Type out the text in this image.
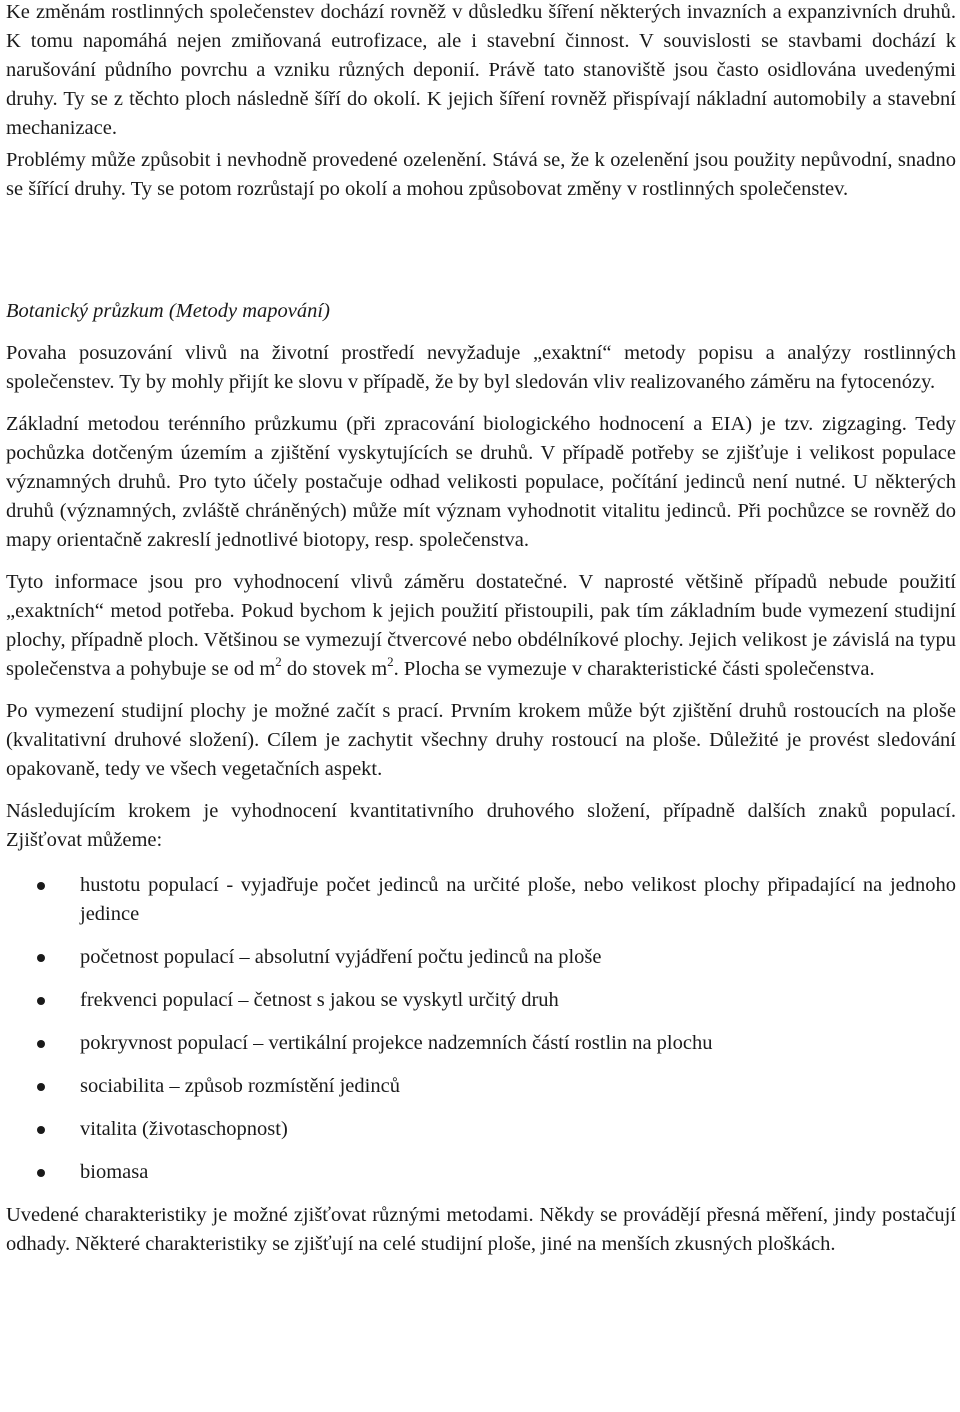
Ke změnám rostlinných společenstev dochází rovněž v důsledku šíření některých invazních a expanzivních druhů. K tomu napomáhá nejen zmiňovaná eutrofizace, ale i stavební činnost. V souvislosti se stavbami dochází k narušování půdního povrchu a vzniku různých deponií. Právě tato stanoviště jsou často osidlována uvedenými druhy. Ty se z těchto ploch následně šíří do okolí. K jejich šíření rovněž přispívají nákladní automobily a stavební mechanizace.

Problémy může způsobit i nevhodně provedené ozelenění. Stává se, že k ozelenění jsou použity nepůvodní, snadno se šířící druhy. Ty se potom rozrůstají po okolí a mohou způsobovat změny v rostlinných společenstev.

Botanický průzkum (Metody mapování)

Povaha posuzování vlivů na životní prostředí nevyžaduje „exaktní“ metody popisu a analýzy rostlinných společenstev. Ty by mohly přijít ke slovu v případě, že by byl sledován vliv realizovaného záměru na fytocenózy.

Základní metodou terénního průzkumu (při zpracování biologického hodnocení a EIA) je tzv. zigzaging. Tedy pochůzka dotčeným územím a zjištění vyskytujících se druhů. V případě potřeby se zjišťuje i velikost populace významných druhů. Pro tyto účely postačuje odhad velikosti populace, počítání jedinců není nutné. U některých druhů (významných, zvláště chráněných) může mít význam vyhodnotit vitalitu jedinců. Při pochůzce se rovněž do mapy orientačně zakreslí jednotlivé biotopy, resp. společenstva.

Tyto informace jsou pro vyhodnocení vlivů záměru dostatečné. V naprosté většině případů nebude použití „exaktních“ metod potřeba. Pokud bychom k jejich použití přistoupili, pak tím základním bude vymezení studijní plochy, případně ploch. Většinou se vymezují čtvercové nebo obdélníkové plochy. Jejich velikost je závislá na typu společenstva a pohybuje se od $m^2$ do stovek $m^2$. Plocha se vymezuje v charakteristické části společenstva.

Po vymezení studijní plochy je možné začít s prací. Prvním krokem může být zjištění druhů rostoucích na ploše (kvalitativní druhové složení). Cílem je zachytit všechny druhy rostoucí na ploše. Důležité je provést sledování opakovaně, tedy ve všech vegetačních aspekt.

Následujícím krokem je vyhodnocení kvantitativního druhového složení, případně dalších znaků populací. Zjišťovat můžeme:

hustotu populací - vyjadřuje počet jedinců na určité ploše, nebo velikost plochy připadající na jednoho jedince
početnost populací – absolutní vyjádření počtu jedinců na ploše
frekvenci populací – četnost s jakou se vyskytl určitý druh
pokryvnost populací – vertikální projekce nadzemních částí rostlin na plochu
sociabilita – způsob rozmístění jedinců
vitalita (životaschopnost)
biomasa

Uvedené charakteristiky je možné zjišťovat různými metodami. Někdy se provádějí přesná měření, jindy postačují odhady. Některé charakteristiky se zjišťují na celé studijní ploše, jiné na menších zkusných ploškách.
